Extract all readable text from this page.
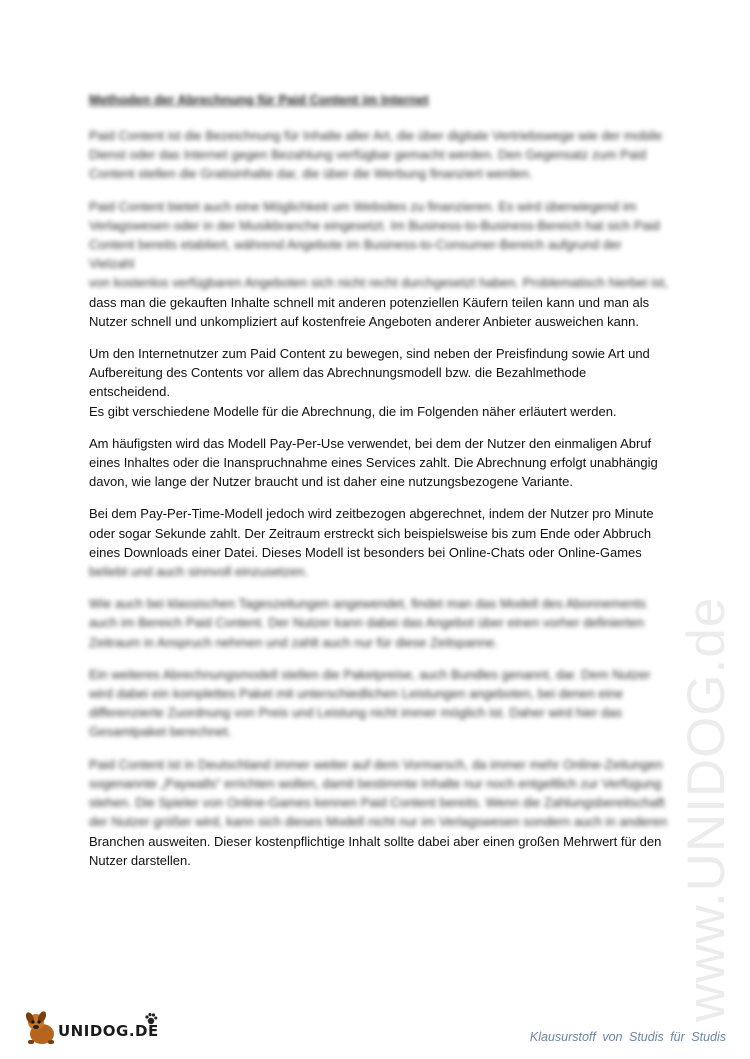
www.UNIDOG.de
Methoden der Abrechnung für Paid Content im Internet
Paid Content ist die Bezeichnung für Inhalte aller Art, die über digitale Vertriebswege wie der mobile
Dienst oder das Internet gegen Bezahlung verfügbar gemacht werden. Den Gegensatz zum Paid
Content stellen die Gratisinhalte dar, die über die Werbung finanziert werden.
Paid Content bietet auch eine Möglichkeit um Websites zu finanzieren. Es wird überwiegend im
Verlagswesen oder in der Musikbranche eingesetzt. Im Business-to-Business-Bereich hat sich Paid
Content bereits etabliert, während Angebote im Business-to-Consumer-Bereich aufgrund der Vielzahl
von kostenlos verfügbaren Angeboten sich nicht recht durchgesetzt haben. Problematisch hierbei ist,
dass man die gekauften Inhalte schnell mit anderen potenziellen Käufern teilen kann und man als
Nutzer schnell und unkompliziert auf kostenfreie Angeboten anderer Anbieter ausweichen kann.
Um den Internetnutzer zum Paid Content zu bewegen, sind neben der Preisfindung sowie Art und
Aufbereitung des Contents vor allem das Abrechnungsmodell bzw. die Bezahlmethode entscheidend.
Es gibt verschiedene Modelle für die Abrechnung, die im Folgenden näher erläutert werden.
Am häufigsten wird das Modell Pay-Per-Use verwendet, bei dem der Nutzer den einmaligen Abruf
eines Inhaltes oder die Inanspruchnahme eines Services zahlt. Die Abrechnung erfolgt unabhängig
davon, wie lange der Nutzer braucht und ist daher eine nutzungsbezogene Variante.
Bei dem Pay-Per-Time-Modell jedoch wird zeitbezogen abgerechnet, indem der Nutzer pro Minute
oder sogar Sekunde zahlt. Der Zeitraum erstreckt sich beispielsweise bis zum Ende oder Abbruch
eines Downloads einer Datei. Dieses Modell ist besonders bei Online-Chats oder Online-Games
beliebt und auch sinnvoll einzusetzen.
Wie auch bei klassischen Tageszeitungen angewendet, findet man das Modell des Abonnements
auch im Bereich Paid Content. Der Nutzer kann dabei das Angebot über einen vorher definierten
Zeitraum in Anspruch nehmen und zahlt auch nur für diese Zeitspanne.
Ein weiteres Abrechnungsmodell stellen die Paketpreise, auch Bundles genannt, dar. Dem Nutzer
wird dabei ein komplettes Paket mit unterschiedlichen Leistungen angeboten, bei denen eine
differenzierte Zuordnung von Preis und Leistung nicht immer möglich ist. Daher wird hier das
Gesamtpaket berechnet.
Paid Content ist in Deutschland immer weiter auf dem Vormarsch, da immer mehr Online-Zeitungen
sogenannte „Paywalls“ errichten wollen, damit bestimmte Inhalte nur noch entgeltlich zur Verfügung
stehen. Die Spieler von Online-Games kennen Paid Content bereits. Wenn die Zahlungsbereitschaft
der Nutzer größer wird, kann sich dieses Modell nicht nur im Verlagswesen sondern auch in anderen
Branchen ausweiten. Dieser kostenpflichtige Inhalt sollte dabei aber einen großen Mehrwert für den
Nutzer darstellen.
UNIDOG.DE	Klausurstoff von Studis für Studis
